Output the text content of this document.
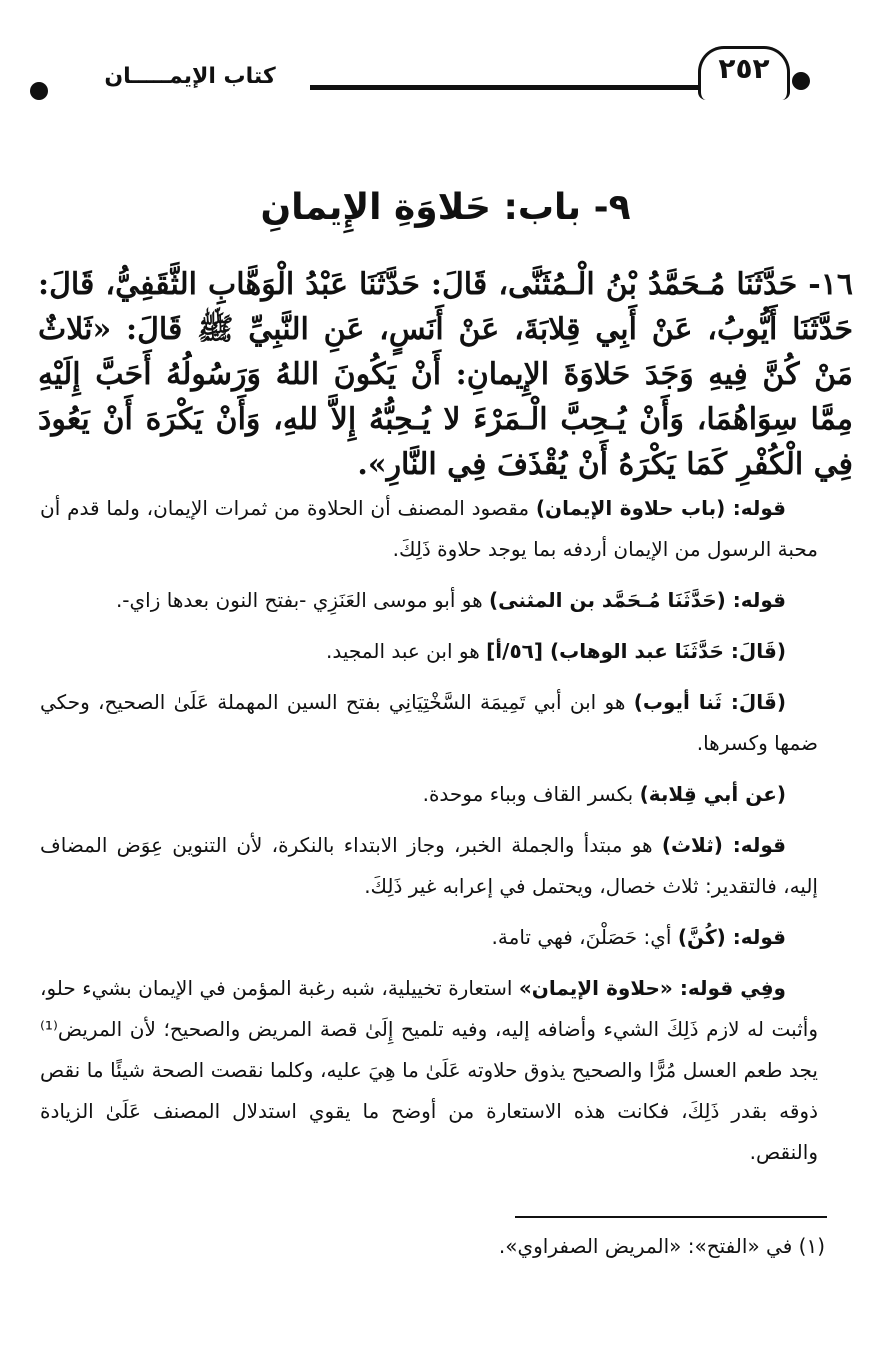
كتاب الإيمـــــان	٢٥٢
٩- باب: حَلاوَةِ الإِيمانِ
١٦- حَدَّثَنَا مُـحَمَّدُ بْنُ الْـمُثَنَّى، قَالَ: حَدَّثَنَا عَبْدُ الْوَهَّابِ الثَّقَفِيُّ، قَالَ: حَدَّثَنَا أَيُّوبُ، عَنْ أَبِي قِلابَةَ، عَنْ أَنَسٍ، عَنِ النَّبِيِّ ﷺ قَالَ: «ثَلاثٌ مَنْ كُنَّ فِيهِ وَجَدَ حَلاوَةَ الإِيمانِ: أَنْ يَكُونَ اللهُ وَرَسُولُهُ أَحَبَّ إِلَيْهِ مِمَّا سِوَاهُمَا، وَأَنْ يُـحِبَّ الْـمَرْءَ لا يُـحِبُّهُ إِلاَّ للهِ، وَأَنْ يَكْرَهَ أَنْ يَعُودَ فِي الْكُفْرِ كَمَا يَكْرَهُ أَنْ يُقْذَفَ فِي النَّارِ».

قوله: (باب حلاوة الإيمان) مقصود المصنف أن الحلاوة من ثمرات الإيمان، ولما قدم أن محبة الرسول من الإيمان أردفه بما يوجد حلاوة ذَلِكَ.

قوله: (حَدَّثَنَا مُـحَمَّد بن المثنى) هو أبو موسى العَنَزِي -بفتح النون بعدها زاي-.

(قَالَ: حَدَّثَنَا عبد الوهاب) [٥٦/أ] هو ابن عبد المجيد.

(قَالَ: ثَنا أيوب) هو ابن أبي تَمِيمَة السَّخْتِيَانِي بفتح السين المهملة عَلَىٰ الصحيح، وحكي ضمها وكسرها.

(عن أبي قِلابة) بكسر القاف وبباء موحدة.

قوله: (ثلاث) هو مبتدأ والجملة الخبر، وجاز الابتداء بالنكرة، لأن التنوين عِوَض المضاف إليه، فالتقدير: ثلاث خصال، ويحتمل في إعرابه غير ذَلِكَ.

قوله: (كُنَّ) أي: حَصَلْنَ، فهي تامة.

وفِي قوله: «حلاوة الإيمان» استعارة تخييلية، شبه رغبة المؤمن في الإيمان بشيء حلو، وأثبت له لازم ذَلِكَ الشيء وأضافه إليه، وفيه تلميح إِلَىٰ قصة المريض والصحيح؛ لأن المريض⁽¹⁾ يجد طعم العسل مُرًّا والصحيح يذوق حلاوته عَلَىٰ ما هِيَ عليه، وكلما نقصت الصحة شيئًا ما نقص ذوقه بقدر ذَلِكَ، فكانت هذه الاستعارة من أوضح ما يقوي استدلال المصنف عَلَىٰ الزيادة والنقص.

(١) في «الفتح»: «المريض الصفراوي».
